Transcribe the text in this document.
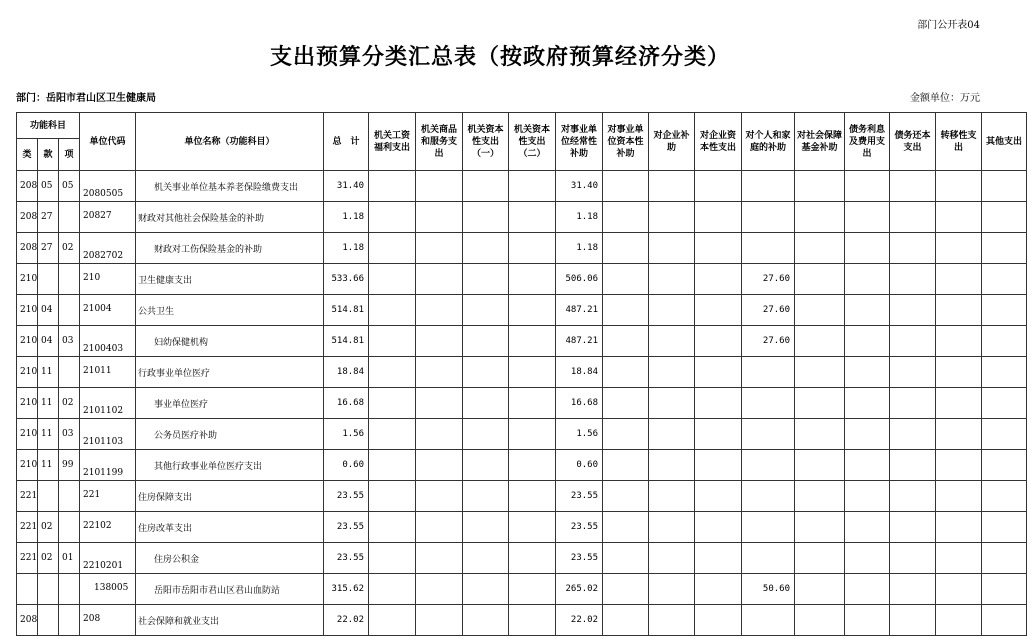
部门公开表04
支出预算分类汇总表（按政府预算经济分类）
部门：岳阳市君山区卫生健康局	金额单位：万元
功能科目			单位代码	单位名称（功能科目）	总　计	机关工资福利支出	机关商品和服务支出	机关资本性支出（一）	机关资本性支出（二）	对事业单位经常性补助	对事业单位资本性补助	对企业补助	对企业资本性支出	对个人和家庭的补助	对社会保障基金补助	债务利息及费用支出	债务还本支出	转移性支出	其他支出
类	款	项																	
208	05	05	2080505	机关事业单位基本养老保险缴费支出	31.40					31.40									
208	27		20827	财政对其他社会保险基金的补助	1.18					1.18									
208	27	02	2082702	财政对工伤保险基金的补助	1.18					1.18									
210			210	卫生健康支出	533.66					506.06				27.60					
210	04		21004	公共卫生	514.81					487.21				27.60					
210	04	03	2100403	妇幼保健机构	514.81					487.21				27.60					
210	11		21011	行政事业单位医疗	18.84					18.84									
210	11	02	2101102	事业单位医疗	16.68					16.68									
210	11	03	2101103	公务员医疗补助	1.56					1.56									
210	11	99	2101199	其他行政事业单位医疗支出	0.60					0.60									
221			221	住房保障支出	23.55					23.55									
221	02		22102	住房改革支出	23.55					23.55									
221	02	01	2210201	住房公积金	23.55					23.55									
			138005	岳阳市岳阳市君山区君山血防站	315.62					265.02				50.60					
208			208	社会保障和就业支出	22.02					22.02									
